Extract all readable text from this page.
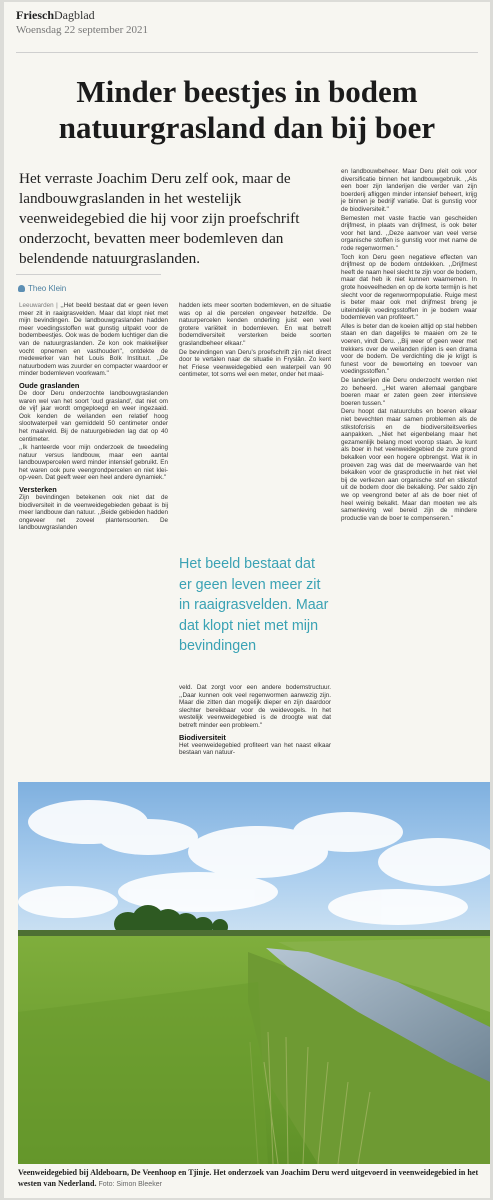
FrieschDagblad
Woensdag 22 september 2021
Minder beestjes in bodem
natuurgrasland dan bij boer
Het verraste Joachim Deru zelf ook, maar de landbouwgraslanden in het westelijk veenweidegebied die hij voor zijn proefschrift onderzocht, bevatten meer bodemleven dan belendende natuurgraslanden.
Theo Klein

Leeuwarden | ,,Het beeld bestaat dat er geen leven meer zit in raaigrasvelden. Maar dat klopt niet met mijn bevindingen. De landbouwgraslanden hadden meer voedingsstoffen wat gunstig uitpakt voor de bodembeestjes. Ook was de bodem luchtiger dan die van de natuurgraslanden. Ze kon ook makkelijker vocht opnemen en vasthouden'', ontdekte de medewerker van het Louis Bolk Instituut. ,,De natuurbodem was zuurder en compacter waardoor er minder bodemleven voorkwam.''

Oude graslanden

De door Deru onderzochte landbouwgraslanden waren wel van het soort 'oud grasland', dat niet om de vijf jaar wordt omgeploegd en weer ingezaaid. Ook kenden de weilanden een relatief hoog slootwaterpeil van gemiddeld 50 centimeter onder het maaiveld. Bij de natuurgebieden lag dat op 40 centimeter.

,,Ik hanteerde voor mijn onderzoek de tweedeling natuur versus landbouw, maar een aantal landbouwpercelen werd minder intensief gebruikt. En het waren ook pure veengrondpercelen en niet klei-op-veen. Dat geeft weer een heel andere dynamiek.''

Versterken

Zijn bevindingen betekenen ook niet dat de biodiversiteit in de veenweidegebieden gebaat is bij meer landbouw dan natuur. ,,Beide gebieden hadden ongeveer net zoveel plantensoorten. De landbouwgraslanden

hadden iets meer soorten bodemleven, en de situatie was op al die percelen ongeveer hetzelfde. De natuurpercelen kenden onderling juist een veel grotere variëteit in bodemleven. En wat betreft bodemdiversiteit versterken beide soorten graslandbeheer elkaar.''

De bevindingen van Deru's proefschrift zijn niet direct door te vertalen naar de situatie in Fryslân. Zo kent het Friese veenweidegebied een waterpeil van 90 centimeter, tot soms wel een meter, onder het maai-

Het beeld bestaat dat er geen leven meer zit in raaigrasvelden. Maar dat klopt niet met mijn bevindingen

veld. Dat zorgt voor een andere bodemstructuur. ,,Daar kunnen ook veel regenwormen aanwezig zijn. Maar die zitten dan mogelijk dieper en zijn daardoor slechter bereikbaar voor de weidevogels. In het westelijk veenweidegebied is de droogte wat dat betreft minder een probleem.''

Biodiversiteit

Het veenweidegebied profiteert van het naast elkaar bestaan van natuur-

en landbouwbeheer. Maar Deru pleit ook voor diversificatie binnen het landbouwgebruik. ,,Als een boer zijn landerijen die verder van zijn boerderij afliggen minder intensief beheert, krijg je binnen je bedrijf variatie. Dat is gunstig voor de biodiversiteit.''

Bemesten met vaste fractie van gescheiden drijfmest, in plaats van drijfmest, is ook beter voor het land. ,,Deze aanvoer van veel verse organische stoffen is gunstig voor met name de rode regenwormen.''

Toch kon Deru geen negatieve effecten van drijfmest op de bodem ontdekken. ,,Drijfmest heeft de naam heel slecht te zijn voor de bodem, maar dat heb ik niet kunnen waarnemen. In grote hoeveelheden en op de korte termijn is het slecht voor de regenwormpopulatie. Ruige mest is beter maar ook met drijfmest breng je uiteindelijk voedingsstoffen in je bodem waar bodemleven van profiteert.''

Alles is beter dan de koeien altijd op stal hebben staan en dan dagelijks te maaien om ze te voeren, vindt Deru. ,,Bij weer of geen weer met trekkers over de weilanden rijden is een drama voor de bodem. De verdichting die je krijgt is funest voor de bewortelng en toevoer van voedingsstoffen.''

De landerijen die Deru onderzocht werden niet zo beheerd. ,,Het waren allemaal gangbare boeren maar er zaten geen zeer intensieve boeren tussen.''

Deru hoopt dat natuurclubs en boeren elkaar niet bevechten maar samen problemen als de stikstofcrisis en de biodiversiteitsverlies aanpakken. ,,Niet het eigenbelang maar het gezamenlijk belang moet voorop staan. Je kunt als boer in het veenweidegebied de zure grond bekalken voor een hogere opbrengst. Wat ik in proeven zag was dat de meerwaarde van het bekalken voor de grasproductie in het niet viel bij de verliezen aan organische stof en stikstof uit de bodem door die bekalking. Per saldo zijn we op veengrond beter af als de boer niet of heel weinig bekalkt. Maar dan moeten we als samenleving wel bereid zijn de mindere productie van de boer te compenseren.''

Veenweidegebied bij Aldeboarn, De Veenhoop en Tjinje. Het onderzoek van Joachim Deru werd uitgevoerd in veenweidegebied in het westen van Nederland. Foto: Simon Bleeker
